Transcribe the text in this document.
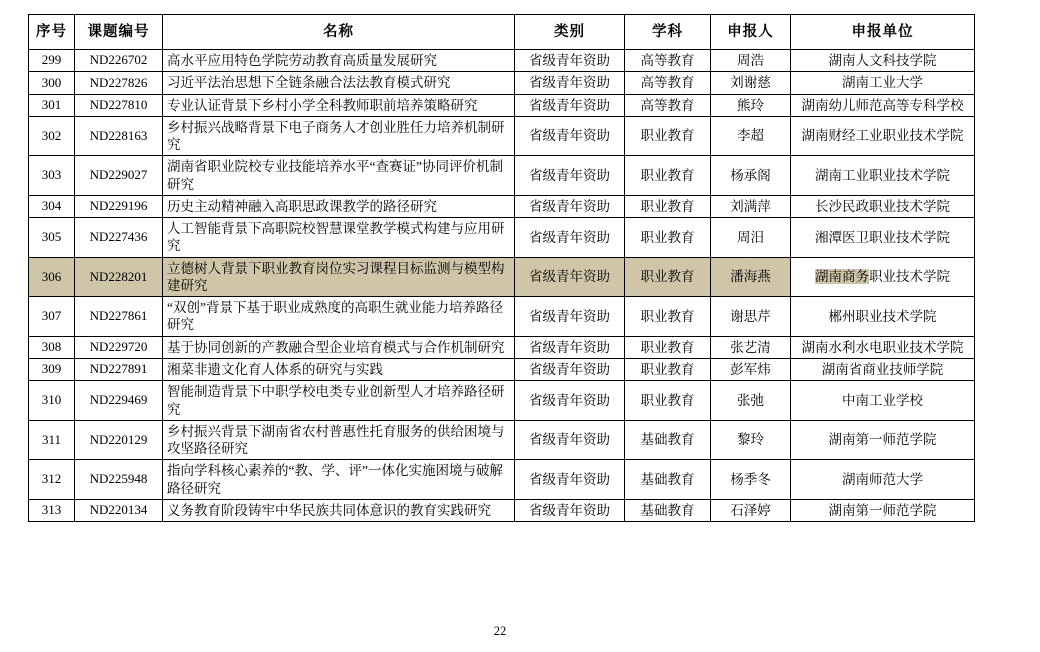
序号	课题编号	名称	类别	学科	申报人	申报单位
299	ND226702	高水平应用特色学院劳动教育高质量发展研究	省级青年资助	高等教育	周浩	湖南人文科技学院
300	ND227826	习近平法治思想下全链条融合法法教育模式研究	省级青年资助	高等教育	刘谢慈	湖南工业大学
301	ND227810	专业认证背景下乡村小学全科教师职前培养策略研究	省级青年资助	高等教育	熊玲	湖南幼儿师范高等专科学校
302	ND228163	乡村振兴战略背景下电子商务人才创业胜任力培养机制研究	省级青年资助	职业教育	李超	湖南财经工业职业技术学院
303	ND229027	湖南省职业院校专业技能培养水平“查赛证”协同评价机制研究	省级青年资助	职业教育	杨承阁	湖南工业职业技术学院
304	ND229196	历史主动精神融入高职思政课教学的路径研究	省级青年资助	职业教育	刘满萍	长沙民政职业技术学院
305	ND227436	人工智能背景下高职院校智慧课堂教学模式构建与应用研究	省级青年资助	职业教育	周汨	湘潭医卫职业技术学院
306	ND228201	立德树人背景下职业教育岗位实习课程目标监测与模型构建研究	省级青年资助	职业教育	潘海燕	湖南商务职业技术学院
307	ND227861	“双创”背景下基于职业成熟度的高职生就业能力培养路径研究	省级青年资助	职业教育	谢思芹	郴州职业技术学院
308	ND229720	基于协同创新的产教融合型企业培育模式与合作机制研究	省级青年资助	职业教育	张艺清	湖南水利水电职业技术学院
309	ND227891	湘菜非遗文化育人体系的研究与实践	省级青年资助	职业教育	彭军炜	湖南省商业技师学院
310	ND229469	智能制造背景下中职学校电类专业创新型人才培养路径研究	省级青年资助	职业教育	张弛	中南工业学校
311	ND220129	乡村振兴背景下湖南省农村普惠性托育服务的供给困境与攻坚路径研究	省级青年资助	基础教育	黎玲	湖南第一师范学院
312	ND225948	指向学科核心素养的“教、学、评”一体化实施困境与破解路径研究	省级青年资助	基础教育	杨季冬	湖南师范大学
313	ND220134	义务教育阶段铸牢中华民族共同体意识的教育实践研究	省级青年资助	基础教育	石泽婷	湖南第一师范学院
22
